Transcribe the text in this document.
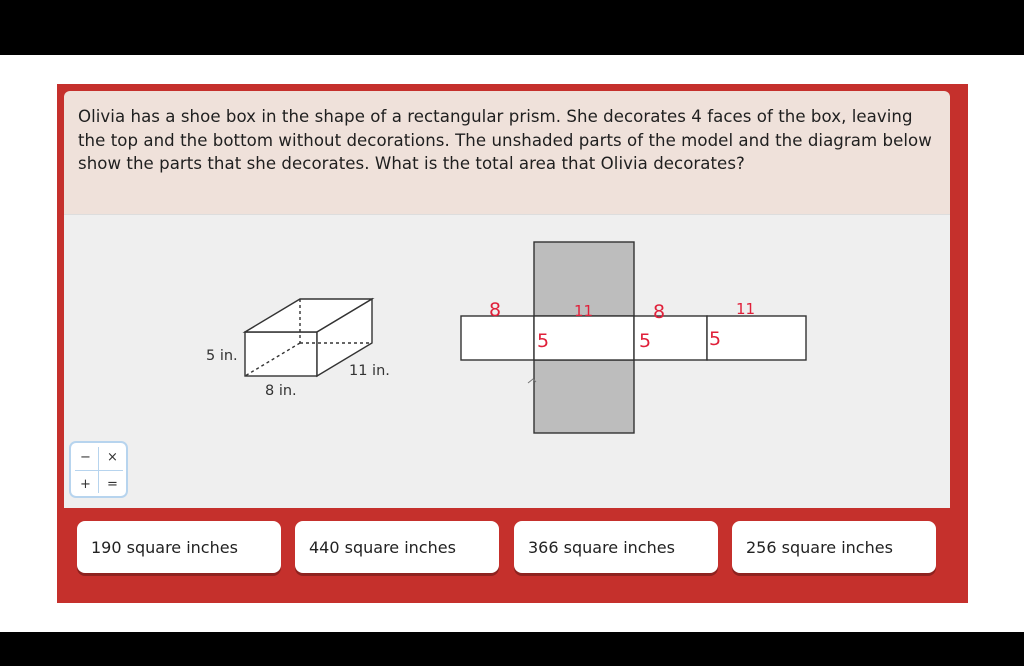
Olivia has a shoe box in the shape of a rectangular prism. She decorates 4 faces of the box, leaving the top and the bottom without decorations. The unshaded parts of the model and the diagram below show the parts that she decorates. What is the total area that Olivia decorates?
5 in.
8 in.
11 in.
8	11	8	11
5	5	5
−	×
+	=
190 square inches	440 square inches	366 square inches	256 square inches
